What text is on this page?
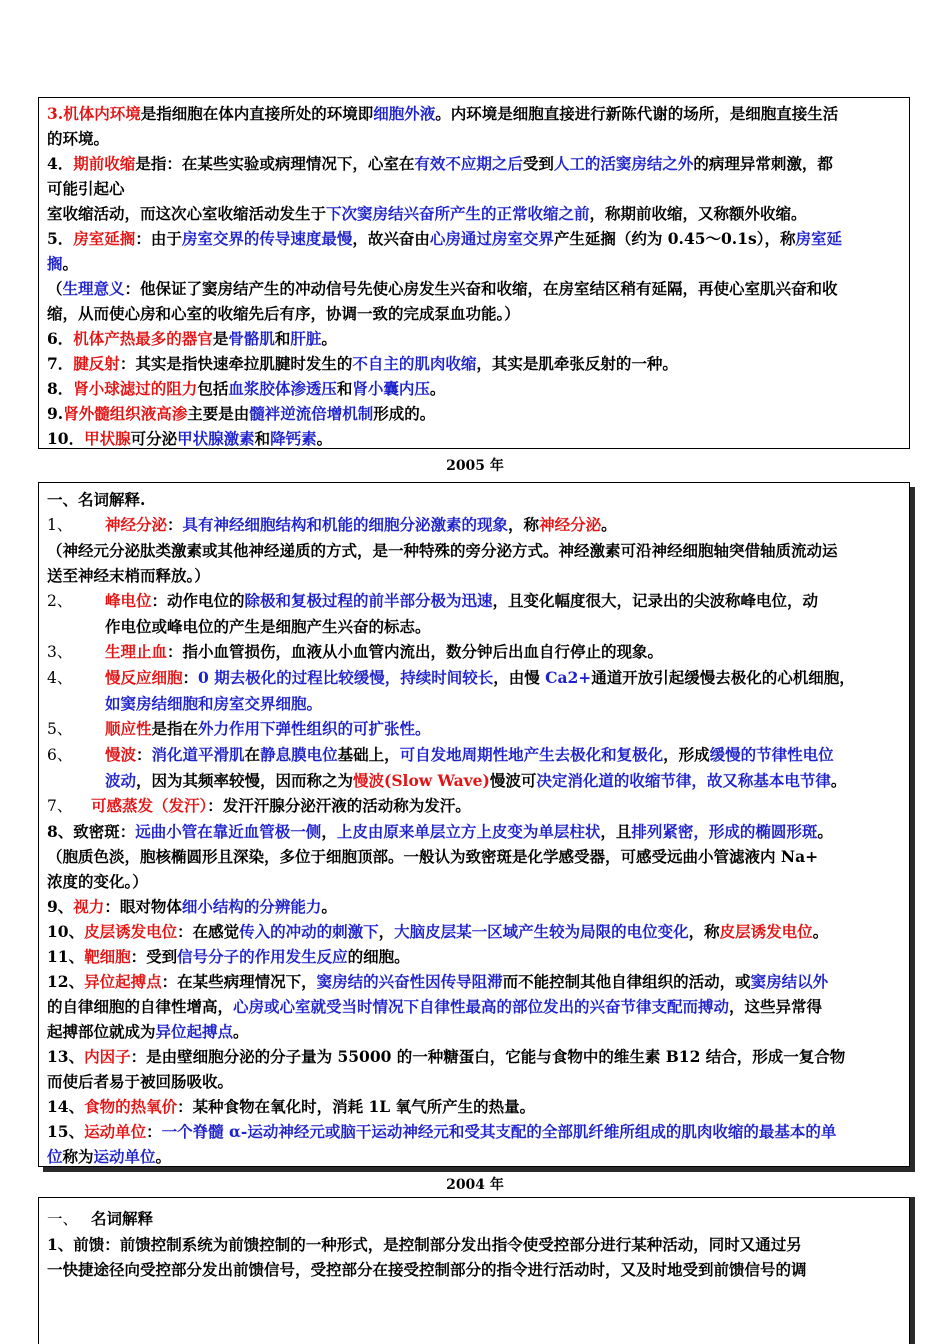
3.机体内环境是指细胞在体内直接所处的环境即细胞外液。内环境是细胞直接进行新陈代谢的场所，是细胞直接生活
的环境。
4．期前收缩是指：在某些实验或病理情况下，心室在有效不应期之后受到人工的活窦房结之外的病理异常刺激，都
可能引起心
室收缩活动，而这次心室收缩活动发生于下次窦房结兴奋所产生的正常收缩之前，称期前收缩，又称额外收缩。
5．房室延搁：由于房室交界的传导速度最慢，故兴奋由心房通过房室交界产生延搁（约为 0.45～0.1s），称房室延
搁。
（生理意义：他保证了窦房结产生的冲动信号先使心房发生兴奋和收缩，在房室结区稍有延隔，再使心室肌兴奋和收
缩，从而使心房和心室的收缩先后有序，协调一致的完成泵血功能。）
6．机体产热最多的器官是骨骼肌和肝脏。
7．腱反射：其实是指快速牵拉肌腱时发生的不自主的肌肉收缩，其实是肌牵张反射的一种。
8．肾小球滤过的阻力包括血浆胶体渗透压和肾小囊内压。
9.肾外髓组织液高渗主要是由髓袢逆流倍增机制形成的。
10．甲状腺可分泌甲状腺激素和降钙素。
2005 年
一、名词解释.
1、 神经分泌：具有神经细胞结构和机能的细胞分泌激素的现象，称神经分泌。
（神经元分泌肽类激素或其他神经递质的方式，是一种特殊的旁分泌方式。神经激素可沿神经细胞轴突借轴质流动运
送至神经末梢而释放。）
2、 峰电位：动作电位的除极和复极过程的前半部分极为迅速，且变化幅度很大，记录出的尖波称峰电位，动
作电位或峰电位的产生是细胞产生兴奋的标志。
3、 生理止血：指小血管损伤，血液从小血管内流出，数分钟后出血自行停止的现象。
4、 慢反应细胞：0 期去极化的过程比较缓慢，持续时间较长，由慢 Ca2+通道开放引起缓慢去极化的心机细胞，
如窦房结细胞和房室交界细胞。
5、 顺应性是指在外力作用下弹性组织的可扩张性。
6、 慢波：消化道平滑肌在静息膜电位基础上，可自发地周期性地产生去极化和复极化，形成缓慢的节律性电位
波动，因为其频率较慢，因而称之为慢波(Slow Wave)慢波可决定消化道的收缩节律，故又称基本电节律。
7、 可感蒸发（发汗）：发汗汗腺分泌汗液的活动称为发汗。
8、致密斑：远曲小管在靠近血管极一侧，上皮由原来单层立方上皮变为单层柱状，且排列紧密，形成的椭圆形斑。
（胞质色淡，胞核椭圆形且深染，多位于细胞顶部。一般认为致密斑是化学感受器，可感受远曲小管滤液内 Na+
浓度的变化。）
9、视力：眼对物体细小结构的分辨能力。
10、皮层诱发电位：在感觉传入的冲动的刺激下，大脑皮层某一区域产生较为局限的电位变化，称皮层诱发电位。
11、靶细胞：受到信号分子的作用发生反应的细胞。
12、异位起搏点：在某些病理情况下，窦房结的兴奋性因传导阻滞而不能控制其他自律组织的活动，或窦房结以外
的自律细胞的自律性增高，心房或心室就受当时情况下自律性最高的部位发出的兴奋节律支配而搏动，这些异常得
起搏部位就成为异位起搏点。
13、内因子：是由壁细胞分泌的分子量为 55000 的一种糖蛋白，它能与食物中的维生素 B12 结合，形成一复合物
而使后者易于被回肠吸收。
14、食物的热氧价：某种食物在氧化时，消耗 1L 氧气所产生的热量。
15、运动单位：一个脊髓 α-运动神经元或脑干运动神经元和受其支配的全部肌纤维所组成的肌肉收缩的最基本的单
位称为运动单位。
2004 年
一、 名词解释
1、前馈：前馈控制系统为前馈控制的一种形式，是控制部分发出指令使受控部分进行某种活动，同时又通过另
一快捷途径向受控部分发出前馈信号，受控部分在接受控制部分的指令进行活动时，又及时地受到前馈信号的调
